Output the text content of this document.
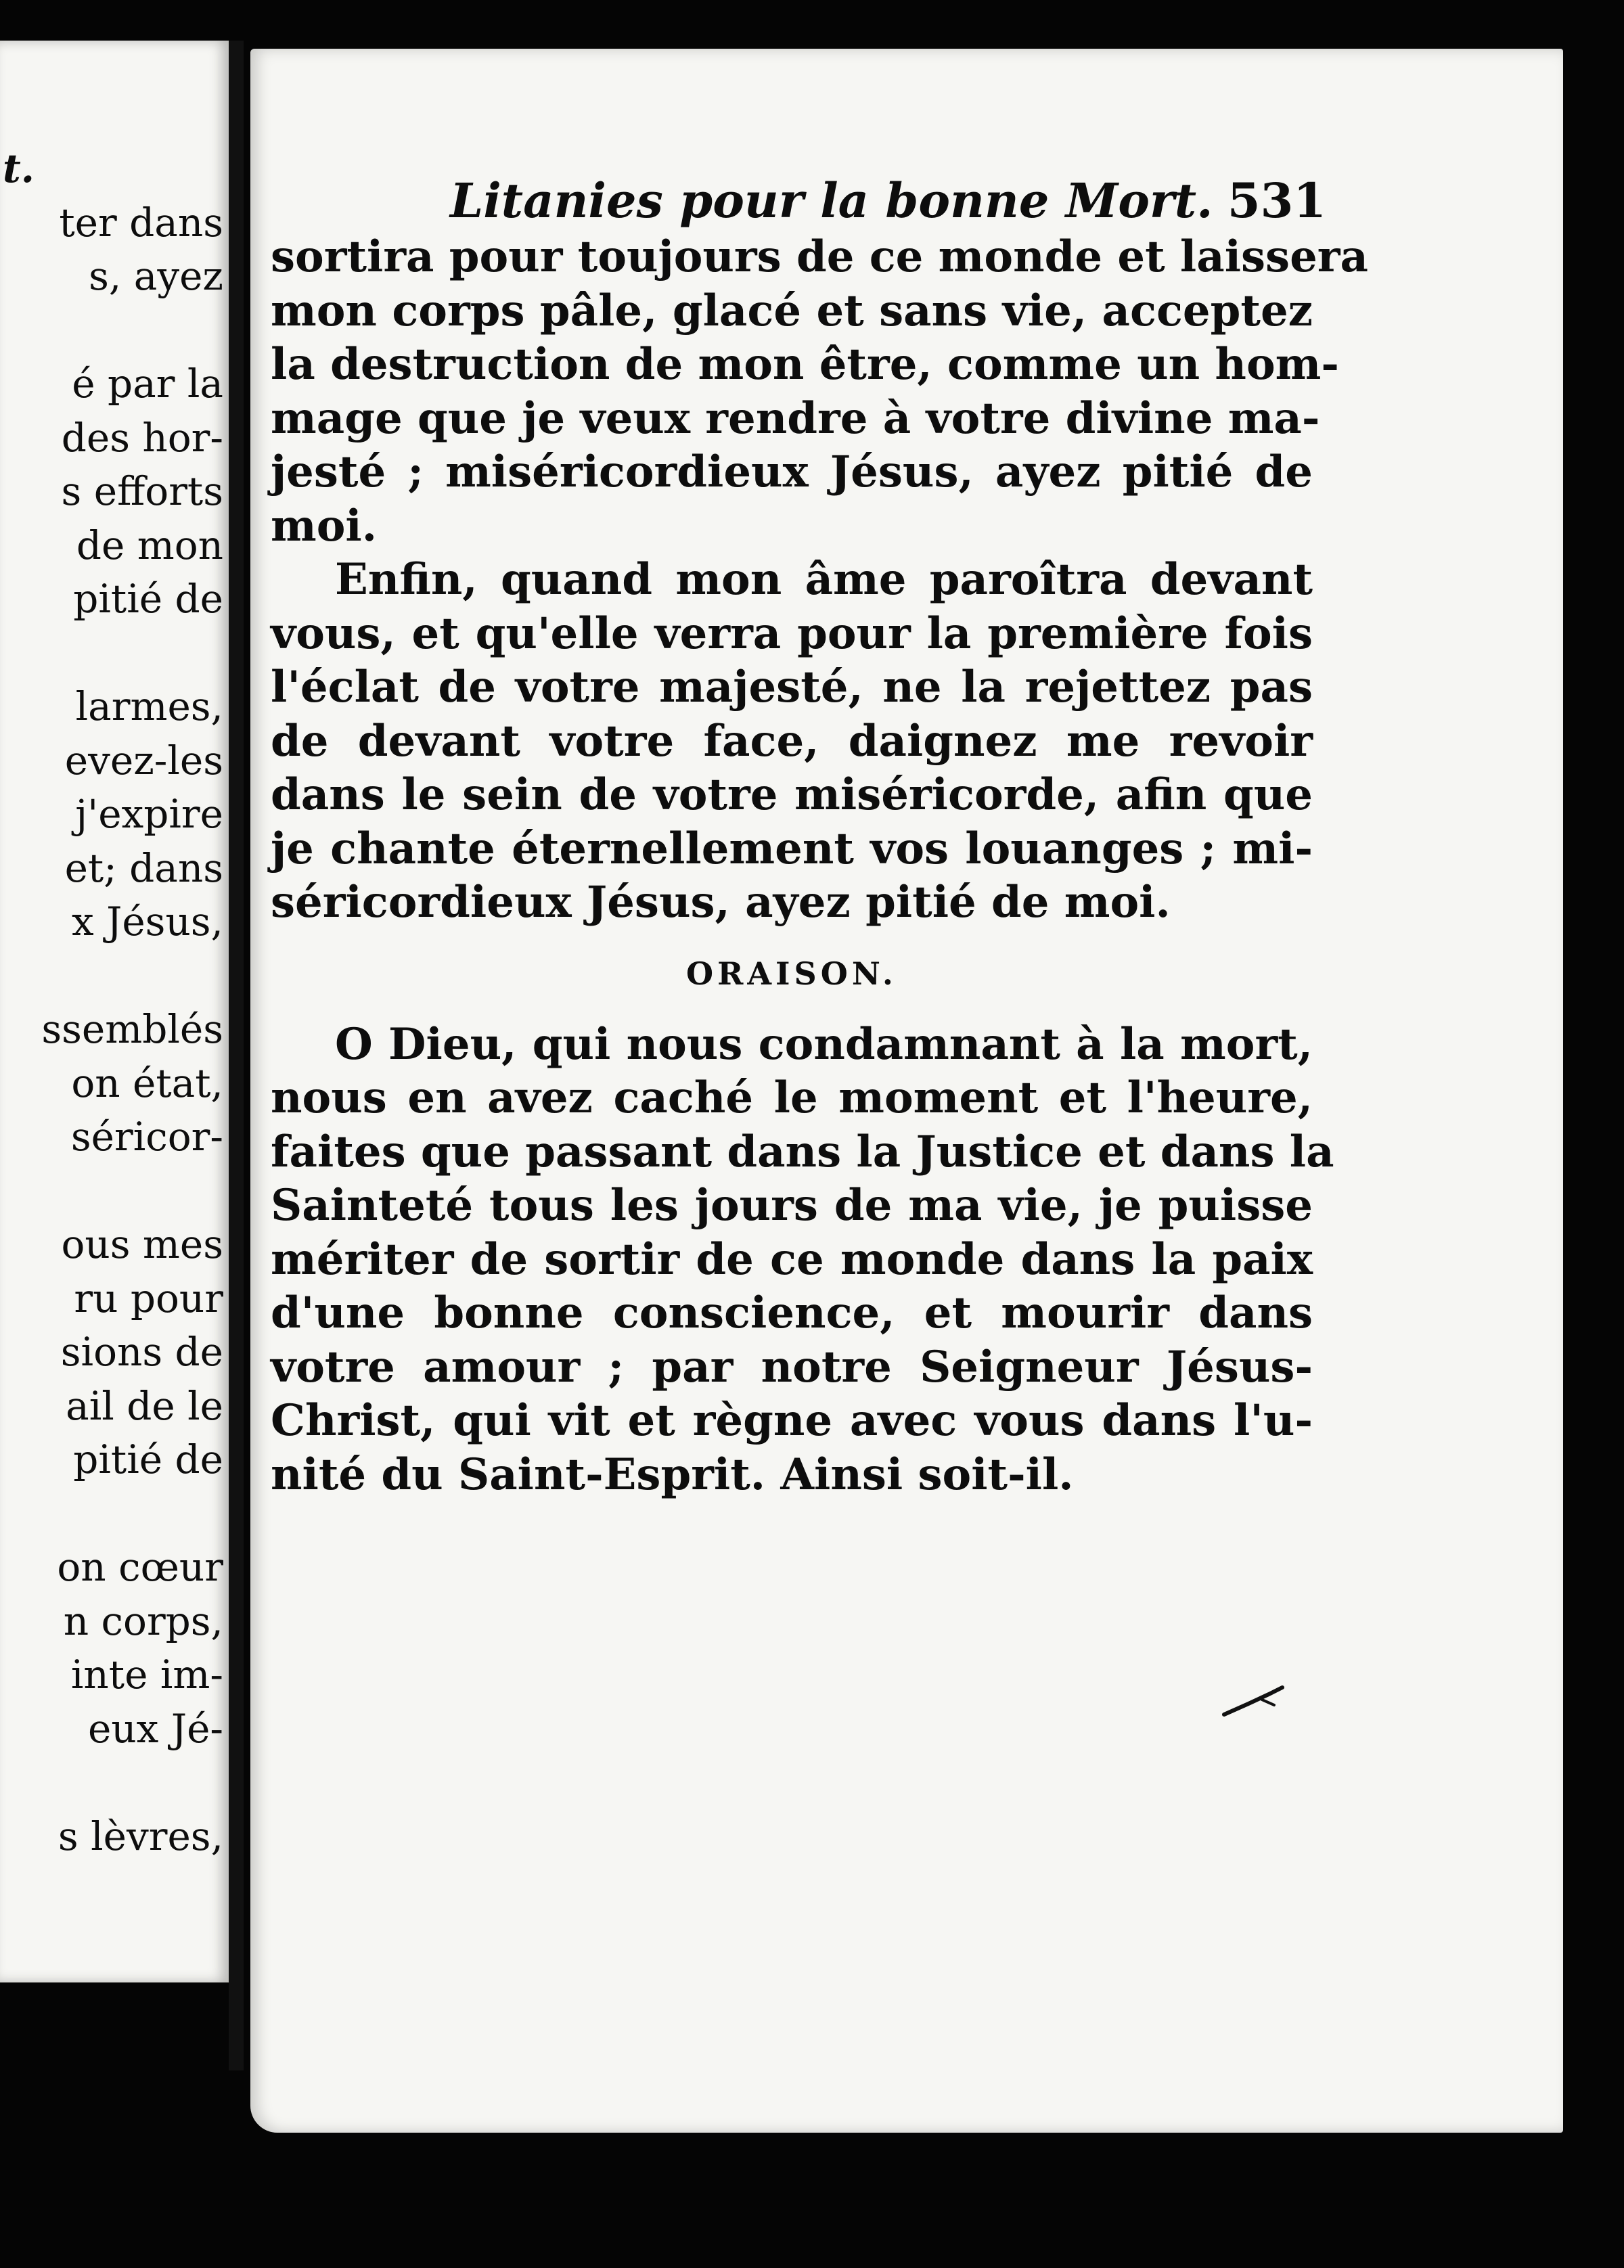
t.
ter dans
s, ayez
é par la
des hor-
s efforts
de mon
pitié de
larmes,
evez-les
j'expire
et; dans
x Jésus,
ssemblés
on état,
séricor-
ous mes
ru pour
sions de
ail de le
pitié de
on cœur
n corps,
inte im-
eux Jé-
s lèvres,
Litanies pour la bonne Mort. 531
sortira pour toujours de ce monde et laissera
mon corps pâle, glacé et sans vie, acceptez
la destruction de mon être, comme un hom-
mage que je veux rendre à votre divine ma-
jesté ; miséricordieux Jésus, ayez pitié de
moi.
Enfin, quand mon âme paroîtra devant
vous, et qu'elle verra pour la première fois
l'éclat de votre majesté, ne la rejettez pas
de devant votre face, daignez me revoir
dans le sein de votre miséricorde, afin que
je chante éternellement vos louanges ; mi-
séricordieux Jésus, ayez pitié de moi.
ORAISON.
O Dieu, qui nous condamnant à la mort,
nous en avez caché le moment et l'heure,
faites que passant dans la Justice et dans la
Sainteté tous les jours de ma vie, je puisse
mériter de sortir de ce monde dans la paix
d'une bonne conscience, et mourir dans
votre amour ; par notre Seigneur Jésus-
Christ, qui vit et règne avec vous dans l'u-
nité du Saint-Esprit. Ainsi soit-il.
